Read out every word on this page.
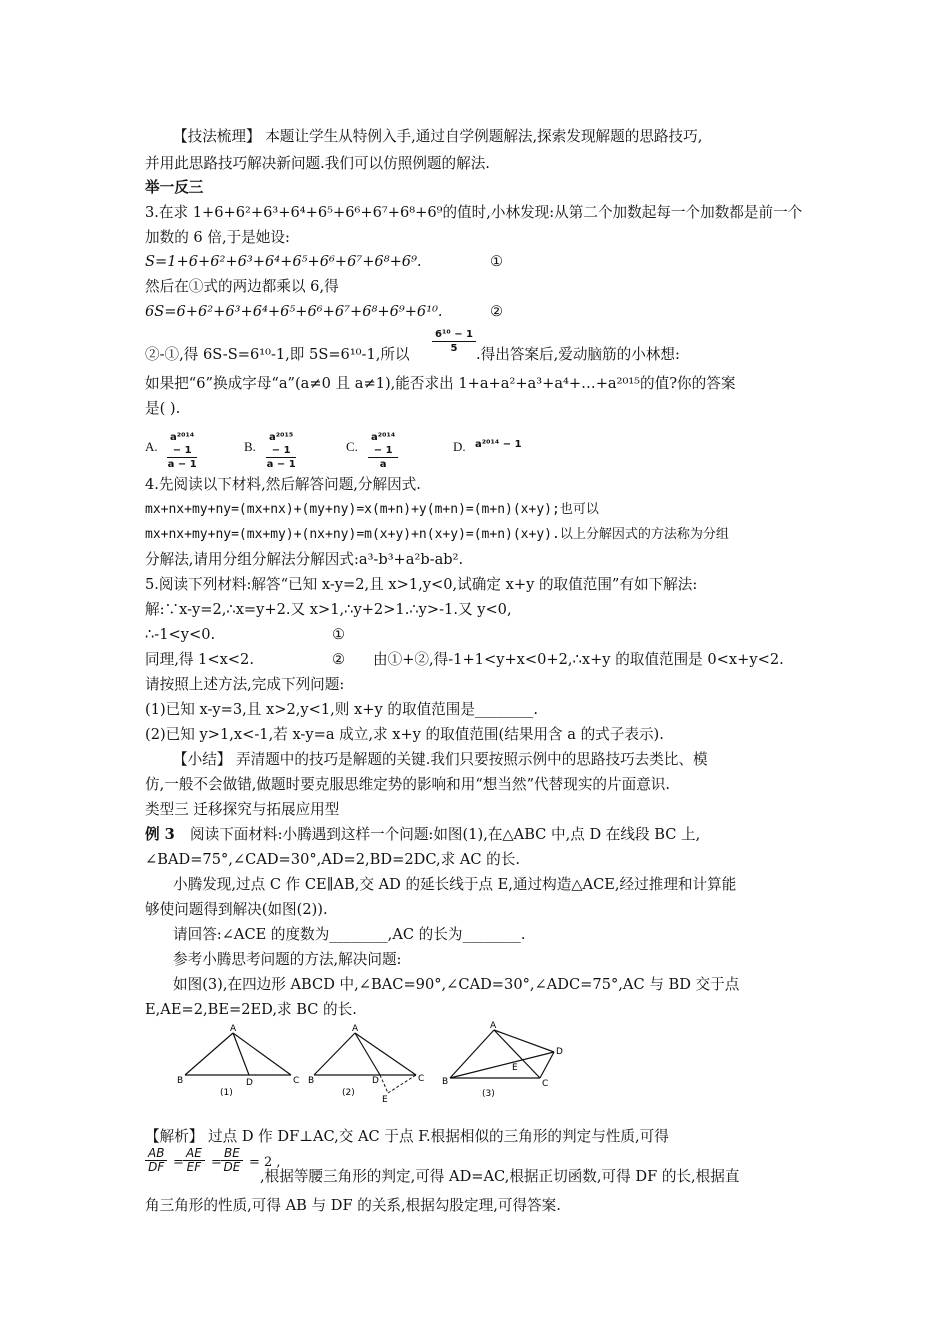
【技法梳理】 本题让学生从特例入手,通过自学例题解法,探索发现解题的思路技巧,
并用此思路技巧解决新问题.我们可以仿照例题的解法.
举一反三
3.在求 1+6+6²+6³+6⁴+6⁵+6⁶+6⁷+6⁸+6⁹的值时,小林发现:从第二个加数起每一个加数都是前一个
加数的 6 倍,于是她设:
S=1+6+6²+6³+6⁴+6⁵+6⁶+6⁷+6⁸+6⁹.	①
然后在①式的两边都乘以 6,得
6S=6+6²+6³+6⁴+6⁵+6⁶+6⁷+6⁸+6⁹+6¹⁰.	②
②-①,得 6S-S=6¹⁰-1,即 5S=6¹⁰-1,所以 $\frac{\text{6¹⁰ − 1}}{5}$ .得出答案后,爱动脑筋的小林想:
如果把“6”换成字母“a”(a≠0 且 a≠1),能否求出 1+a+a²+a³+a⁴+…+a²⁰¹⁵的值?你的答案
是( ).
A. $\frac{\text{a²⁰¹⁴ − 1}}{a - 1}$	B. $\frac{\text{a²⁰¹⁵ − 1}}{a - 1}$	C. $\frac{\text{a²⁰¹⁴ − 1}}{a}$	D. a²⁰¹⁴ − 1
4.先阅读以下材料,然后解答问题,分解因式.
mx+nx+my+ny=(mx+nx)+(my+ny)=x(m+n)+y(m+n)=(m+n)(x+y);也可以
mx+nx+my+ny=(mx+my)+(nx+ny)=m(x+y)+n(x+y)=(m+n)(x+y).以上分解因式的方法称为分组
分解法,请用分组分解法分解因式:a³-b³+a²b-ab².
5.阅读下列材料:解答“已知 x-y=2,且 x>1,y<0,试确定 x+y 的取值范围”有如下解法:
解:∵x-y=2,∴x=y+2.又 x>1,∴y+2>1.∴y>-1.又 y<0,
∴-1<y<0.	①
同理,得 1<x<2.	② 由①+②,得-1+1<y+x<0+2,∴x+y 的取值范围是 0<x+y<2.
请按照上述方法,完成下列问题:
(1)已知 x-y=3,且 x>2,y<1,则 x+y 的取值范围是________.
(2)已知 y>1,x<-1,若 x-y=a 成立,求 x+y 的取值范围(结果用含 a 的式子表示).
【小结】 弄清题中的技巧是解题的关键.我们只要按照示例中的思路技巧去类比、模
仿,一般不会做错,做题时要克服思维定势的影响和用“想当然”代替现实的片面意识.
类型三 迁移探究与拓展应用型
例 3 阅读下面材料:小腾遇到这样一个问题:如图(1),在△ABC 中,点 D 在线段 BC 上,
∠BAD=75°,∠CAD=30°,AD=2,BD=2DC,求 AC 的长.
小腾发现,过点 C 作 CE∥AB,交 AD 的延长线于点 E,通过构造△ACE,经过推理和计算能
够使问题得到解决(如图(2)).
请回答:∠ACE 的度数为________,AC 的长为________.
参考小腾思考问题的方法,解决问题:
如图(3),在四边形 ABCD 中,∠BAC=90°,∠CAD=30°,∠ADC=75°,AC 与 BD 交于点
E,AE=2,BE=2ED,求 BC 的长.
A
B	C
D
(1)
A
B	C
D
E
(2)
A
B	C
D
E
(3)
【解析】 过点 D 作 DF⊥AC,交 AC 于点 F.根据相似的三角形的判定与性质,可得
$\frac{AB}{DF} = \frac{AE}{EF} = \frac{BE}{DE} = 2$ ,
,根据等腰三角形的判定,可得 AD=AC,根据正切函数,可得 DF 的长,根据直
角三角形的性质,可得 AB 与 DF 的关系,根据勾股定理,可得答案.
